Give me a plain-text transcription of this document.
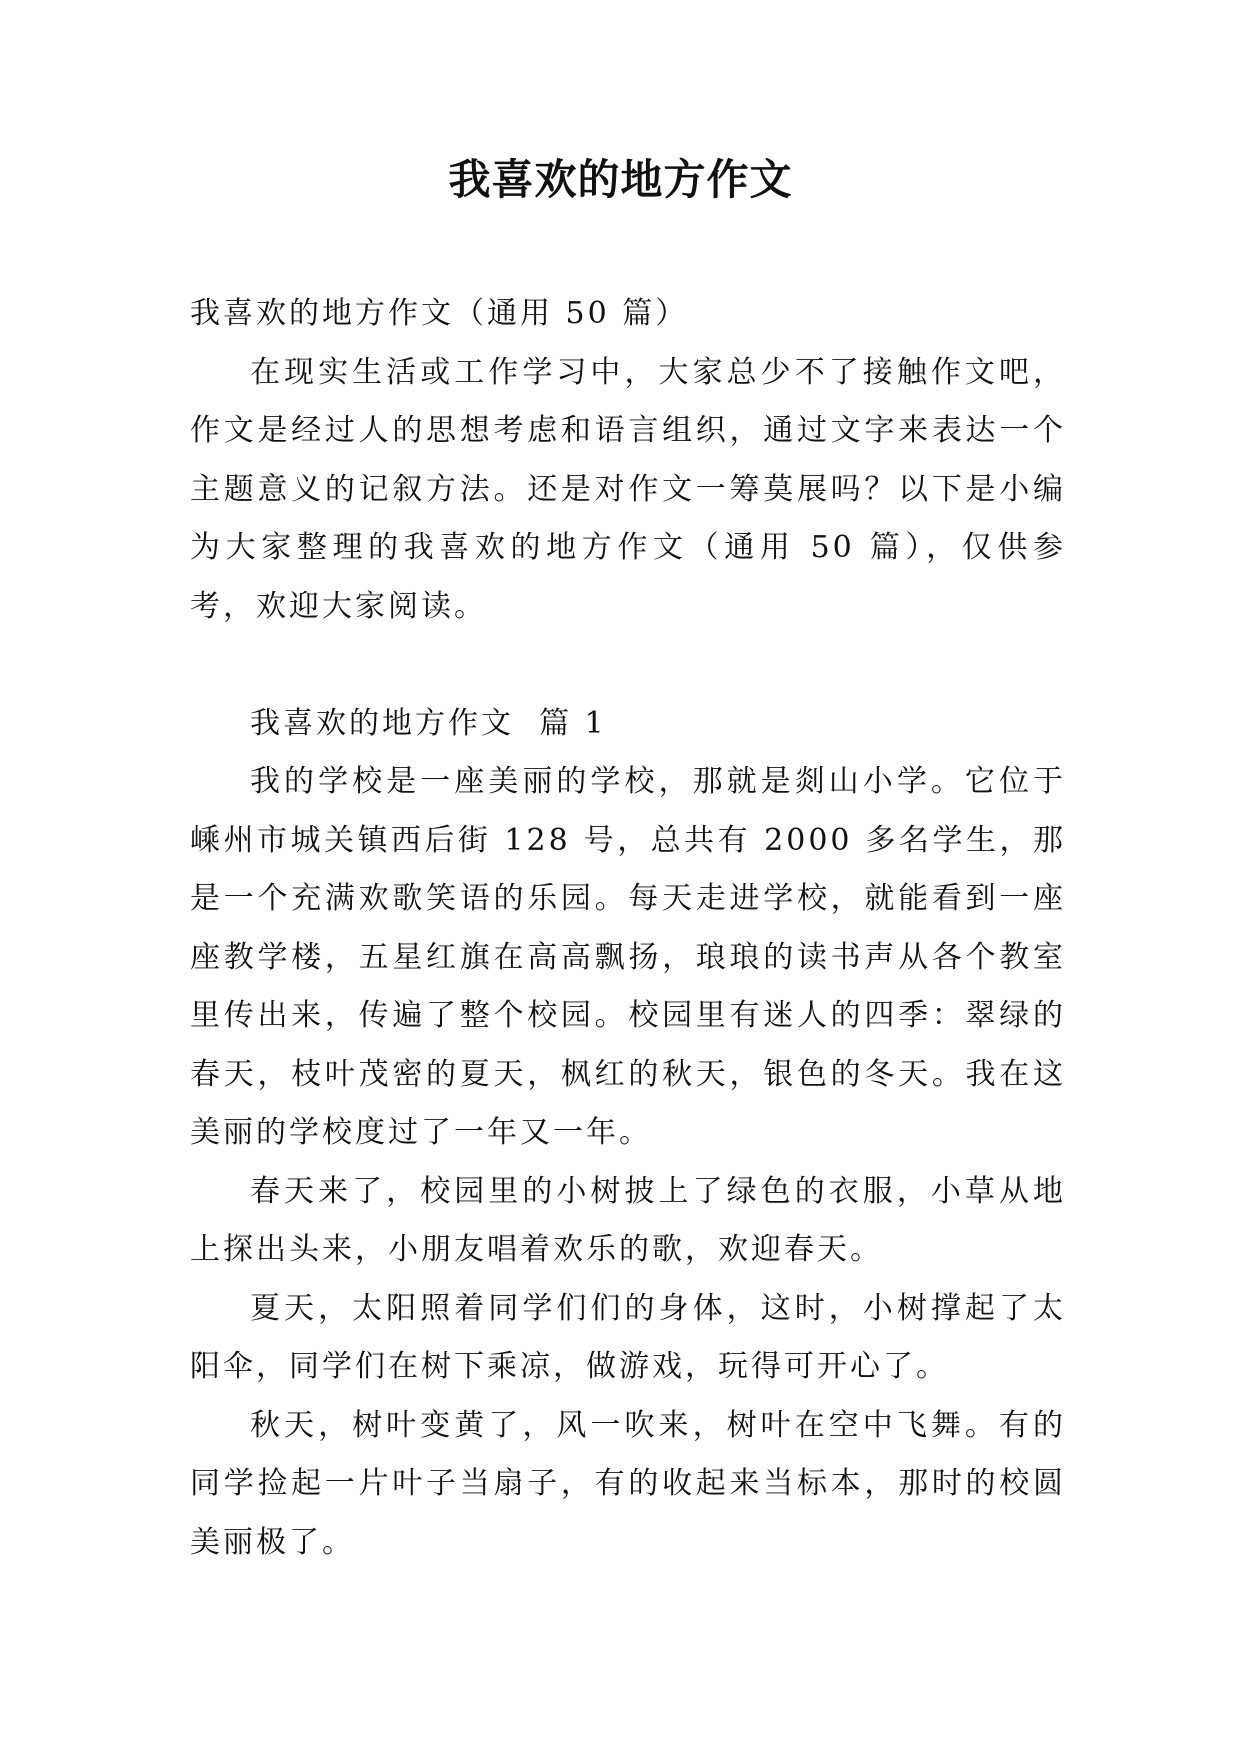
我喜欢的地方作文

我喜欢的地方作文（通用 50 篇）

在现实生活或工作学习中，大家总少不了接触作文吧，作文是经过人的思想考虑和语言组织，通过文字来表达一个主题意义的记叙方法。还是对作文一筹莫展吗？以下是小编为大家整理的我喜欢的地方作文（通用 50 篇），仅供参考，欢迎大家阅读。

我喜欢的地方作文  篇 1

我的学校是一座美丽的学校，那就是剡山小学。它位于嵊州市城关镇西后街 128 号，总共有 2000 多名学生，那是一个充满欢歌笑语的乐园。每天走进学校，就能看到一座座教学楼，五星红旗在高高飘扬，琅琅的读书声从各个教室里传出来，传遍了整个校园。校园里有迷人的四季：翠绿的春天，枝叶茂密的夏天，枫红的秋天，银色的冬天。我在这美丽的学校度过了一年又一年。

春天来了，校园里的小树披上了绿色的衣服，小草从地上探出头来，小朋友唱着欢乐的歌，欢迎春天。

夏天，太阳照着同学们们的身体，这时，小树撑起了太阳伞，同学们在树下乘凉，做游戏，玩得可开心了。

秋天，树叶变黄了，风一吹来，树叶在空中飞舞。有的同学捡起一片叶子当扇子，有的收起来当标本，那时的校圆美丽极了。
